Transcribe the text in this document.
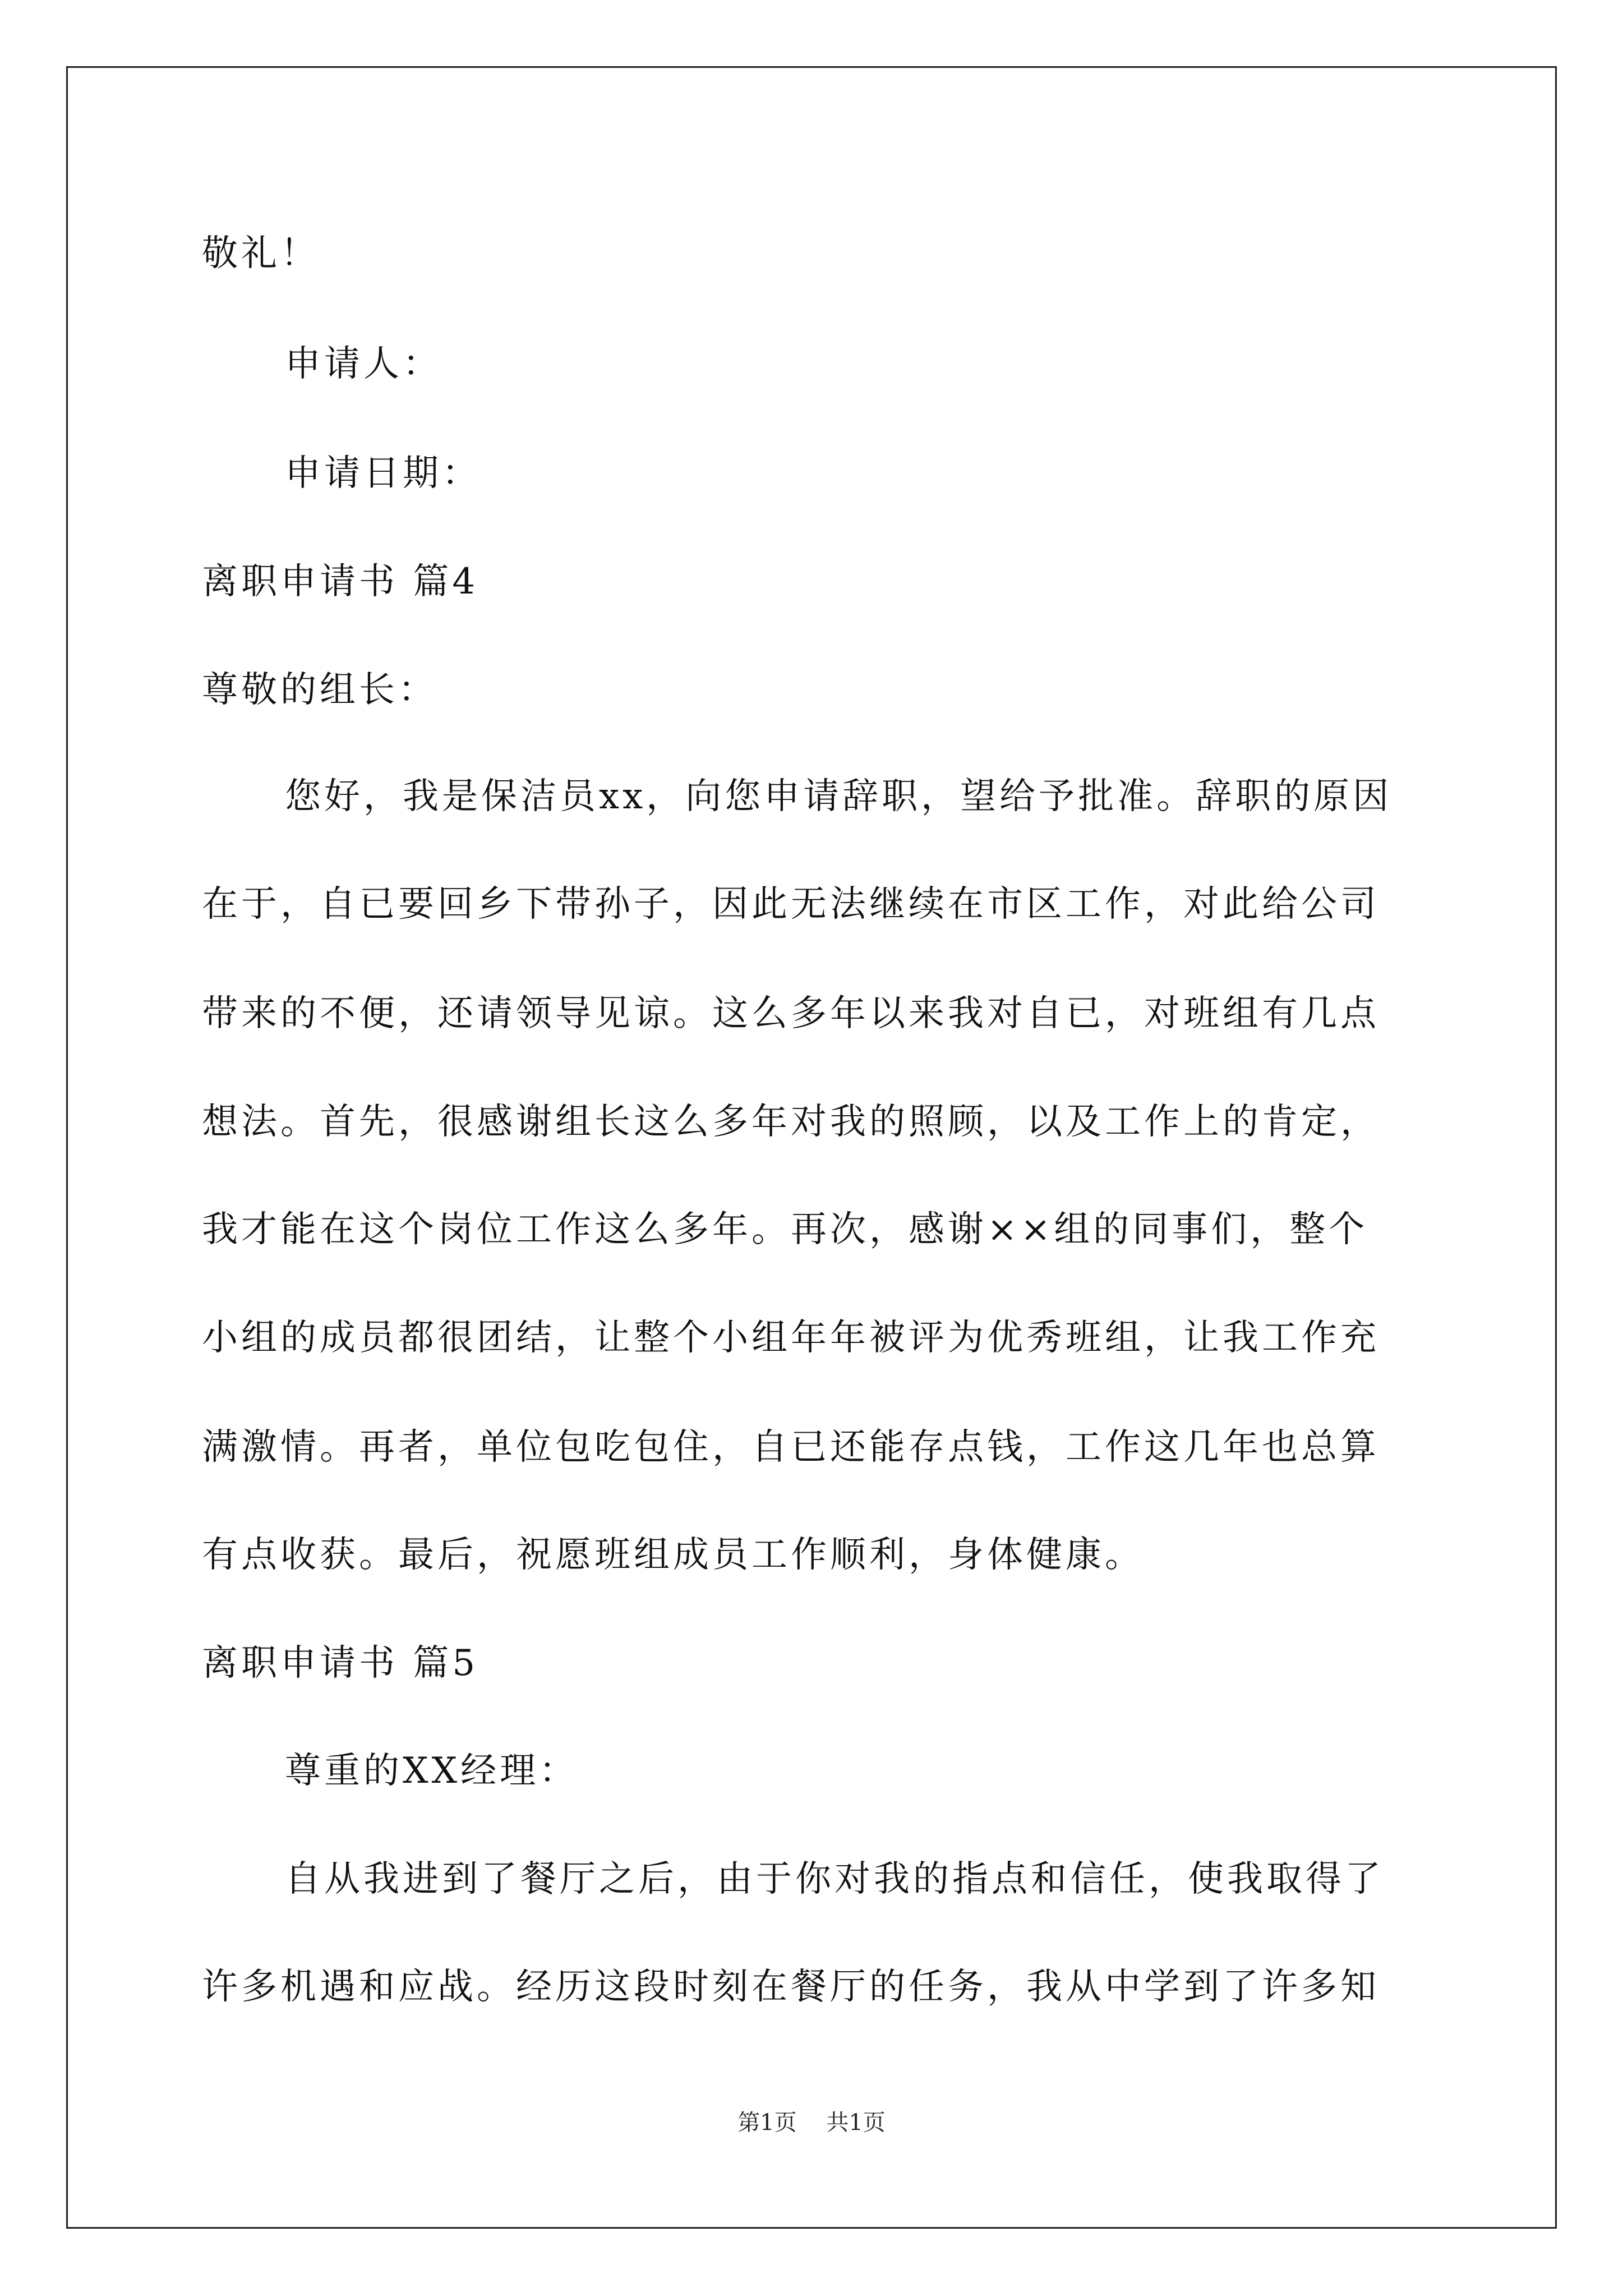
敬礼！
申请人：
申请日期：
离职申请书 篇4
尊敬的组长：
您好，我是保洁员xx，向您申请辞职，望给予批准。辞职的原因
在于，自已要回乡下带孙子，因此无法继续在市区工作，对此给公司
带来的不便，还请领导见谅。这么多年以来我对自已，对班组有几点
想法。首先，很感谢组长这么多年对我的照顾，以及工作上的肯定，
我才能在这个岗位工作这么多年。再次，感谢××组的同事们，整个
小组的成员都很团结，让整个小组年年被评为优秀班组，让我工作充
满激情。再者，单位包吃包住，自已还能存点钱，工作这几年也总算
有点收获。最后，祝愿班组成员工作顺利，身体健康。
离职申请书 篇5
尊重的XX经理：
自从我进到了餐厅之后，由于你对我的指点和信任，使我取得了
许多机遇和应战。经历这段时刻在餐厅的任务，我从中学到了许多知
第1页 共1页
